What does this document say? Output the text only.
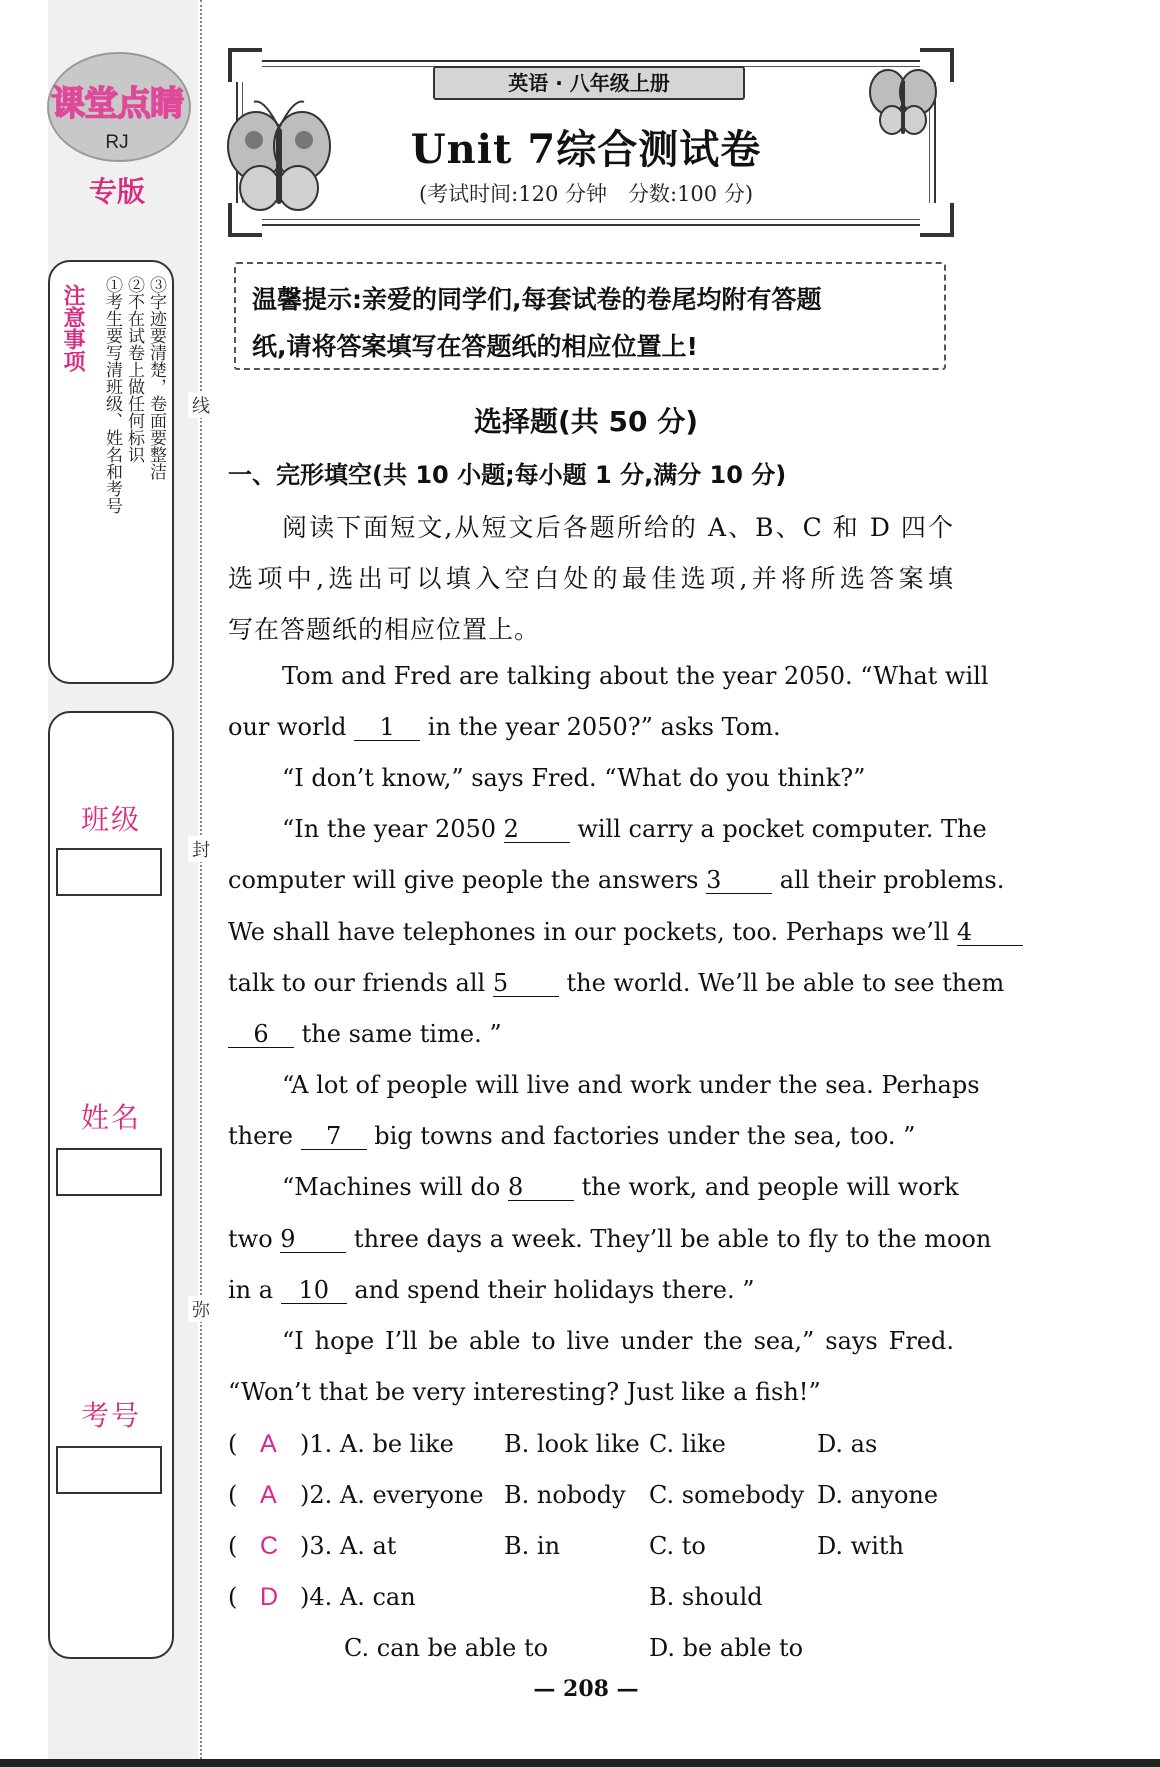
线
封
弥
课堂点睛
RJ
专版
注意事项 ①考生要写清班级、姓名和考号 ②不在试卷上做任何标识 ③字迹要清楚，卷面要整洁
班级
姓名
考号
英语 · 八年级上册
Unit 7综合测试卷
(考试时间:120 分钟　分数:100 分)
温馨提示:亲爱的同学们,每套试卷的卷尾均附有答题
纸,请将答案填写在答题纸的相应位置上!
选择题(共 50 分)
一、完形填空(共 10 小题;每小题 1 分,满分 10 分)
阅读下面短文,从短文后各题所给的 A、B、C 和 D 四个
选项中,选出可以填入空白处的最佳选项,并将所选答案填
写在答题纸的相应位置上。
Tom and Fred are talking about the year 2050. “What will
our world 1 in the year 2050?” asks Tom.
“I don’t know,” says Fred. “What do you think?”
“In the year 2050 2 will carry a pocket computer. The
computer will give people the answers 3 all their problems.
We shall have telephones in our pockets, too. Perhaps we’ll 4
talk to our friends all 5 the world. We’ll be able to see them
6 the same time. ”
“A lot of people will live and work under the sea. Perhaps
there 7 big towns and factories under the sea, too. ”
“Machines will do 8 the work, and people will work
two 9 three days a week. They’ll be able to fly to the moon
in a 10 and spend their holidays there. ”
“I hope I’ll be able to live under the sea,” says Fred.
“Won’t that be very interesting? Just like a fish!”
( A )1. A. be like B. look like C. like	D. as
( A )2. A. everyone B. nobody C. somebody D. anyone
( C )3. A. at	B. in	C. to	D. with
( D )4. A. can	B. should
C. can be able to	D. be able to
— 208 —
